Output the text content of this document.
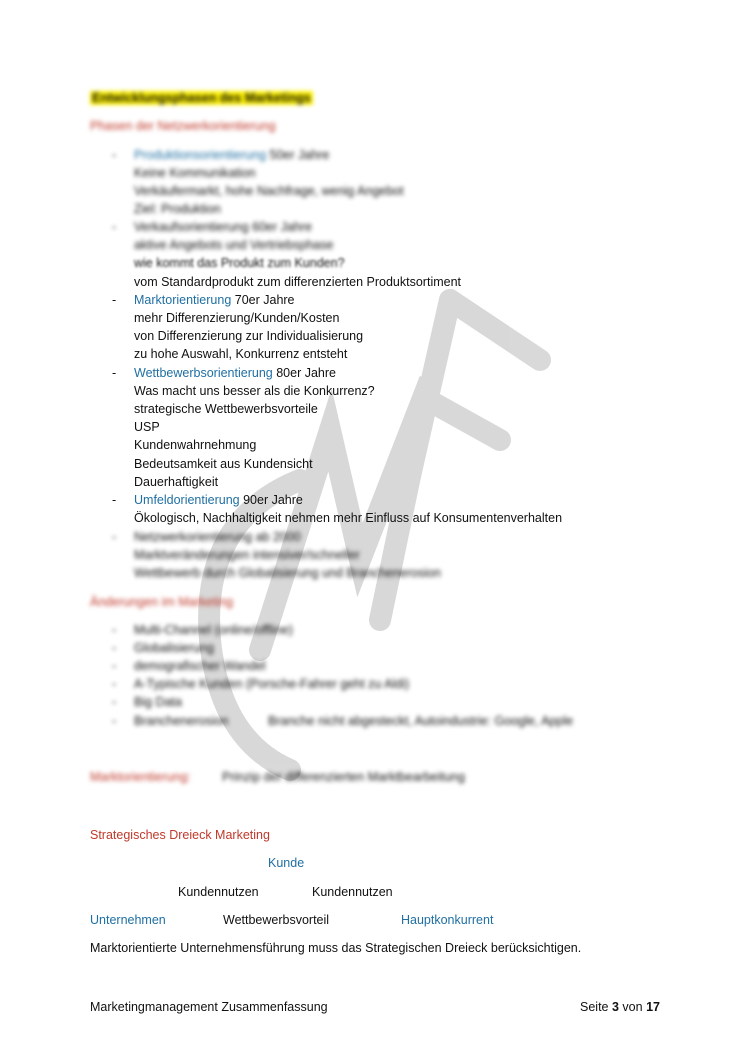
Entwicklungsphasen des Marketings
Phasen der Netzwerkorientierung
- Produktionsorientierung 50er Jahre
Keine Kommunikation
Verkäufermarkt, hohe Nachfrage, wenig Angebot
Ziel: Produktion
- Verkaufsorientierung 60er Jahre
aktive Angebots und Vertriebsphase
wie kommt das Produkt zum Kunden?
vom Standardprodukt zum differenzierten Produktsortiment
- Marktorientierung 70er Jahre
mehr Differenzierung/Kunden/Kosten
von Differenzierung zur Individualisierung
zu hohe Auswahl, Konkurrenz entsteht
- Wettbewerbsorientierung 80er Jahre
Was macht uns besser als die Konkurrenz?
strategische Wettbewerbsvorteile
USP
Kundenwahrnehmung
Bedeutsamkeit aus Kundensicht
Dauerhaftigkeit
- Umfeldorientierung 90er Jahre
Ökologisch, Nachhaltigkeit nehmen mehr Einfluss auf Konsumentenverhalten
- Netzwerkorientierung ab 2000
Marktveränderungen intensiver/schneller
Wettbewerb durch Globalisierung und Branchenerosion
Änderungen im Marketing
- Multi-Channel (online/offline)
- Globalisierung
- demografischer Wandel
- A-Typische Kunden (Porsche-Fahrer geht zu Aldi)
- Big Data
- Branchenerosion	Branche nicht abgesteckt, Autoindustrie: Google, Apple
Marktorientierung:	Prinzip der differenzierten Marktbearbeitung
Strategisches Dreieck Marketing
Kunde
Kundennutzen	Kundennutzen
Unternehmen	Wettbewerbsvorteil	Hauptkonkurrent
Marktorientierte Unternehmensführung muss das Strategischen Dreieck berücksichtigen.
Marketingmanagement Zusammenfassung	Seite 3 von 17
